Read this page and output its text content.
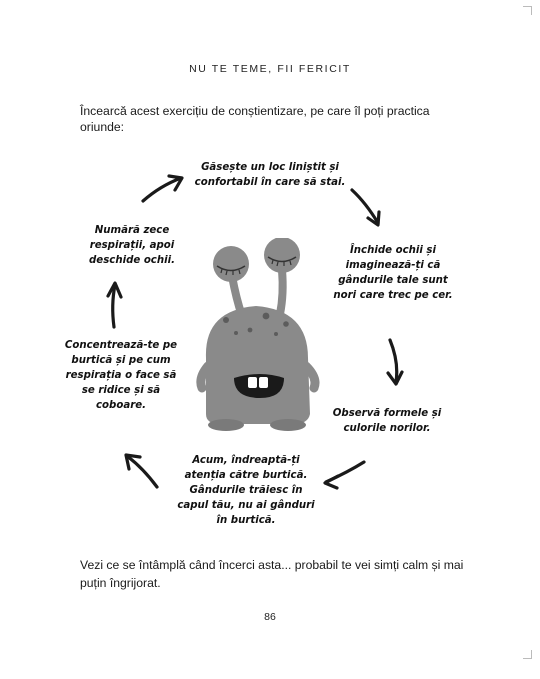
NU TE TEME, FII FERICIT
Încearcă acest exercițiu de conștientizare, pe care îl poți practica oriunde:
Găsește un loc liniștit și confortabil în care să stai.
Închide ochii și imaginează-ți că gândurile tale sunt nori care trec pe cer.
Observă formele și culorile norilor.
Acum, îndreaptă-ți atenția către burtică. Gândurile trăiesc în capul tău, nu ai gânduri în burtică.
Concentrează-te pe burtică și pe cum respirația o face să se ridice și să coboare.
Numără zece respirații, apoi deschide ochii.
Vezi ce se întâmplă când încerci asta... probabil te vei simți calm și mai puțin îngrijorat.
86
